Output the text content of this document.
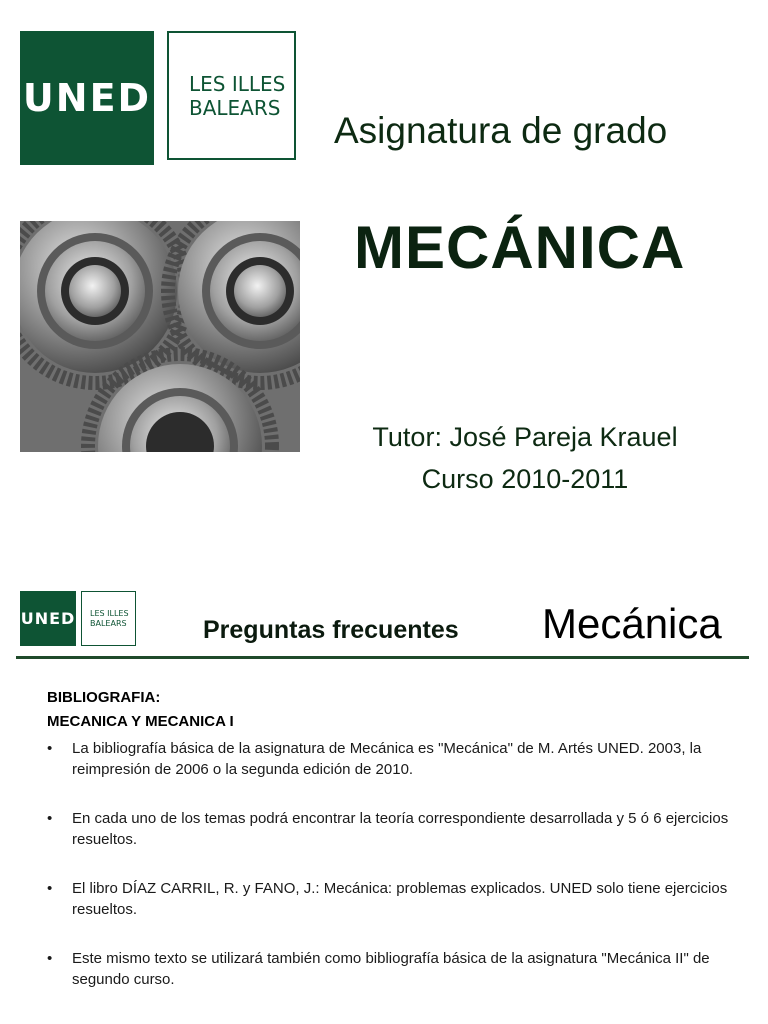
UNED LES ILLES
BALEARS
Asignatura de grado
MECÁNICA
Tutor: José Pareja Krauel
Curso 2010-2011
UNED LES ILLES
BALEARS	Preguntas frecuentes Mecánica
BIBLIOGRAFIA:
MECANICA Y MECANICA I
• La bibliografía básica de la asignatura de Mecánica es "Mecánica" de M. Artés UNED. 2003, la reimpresión de 2006 o la segunda edición de 2010.
• En cada uno de los temas podrá encontrar la teoría correspondiente desarrollada y 5 ó 6 ejercicios resueltos.
• El libro DÍAZ CARRIL, R. y FANO, J.: Mecánica: problemas explicados. UNED solo tiene ejercicios resueltos.
• Este mismo texto se utilizará también como bibliografía básica de la asignatura "Mecánica II" de segundo curso.
